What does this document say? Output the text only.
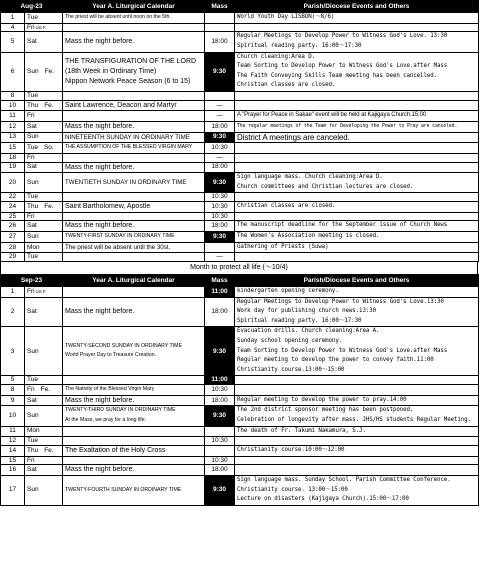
Aug-23		Year A. Liturgical Calendar	Mass	Parish/Diocese Events and Others
1	Tue	The priest will be absent until noon on the 5th.		World Youth Day LISBON(～8/6)

4	Fri1st F.	

5	Sat	Mass the night before.	18:00	Regular Meetings to Develop Power to Witness God's Love. 13:30
Spiritual reading party. 16:00～17:30

6	Sun Fe.	THE TRANSFIGURATION OF THE LORD
(18th Week in Ordinary Time)
Nippon Network Peace Season (6 to 15)	9:30	Church cleaning:Area D.
Team Sorting to Develop Power to Witness God's Love.after Mass
The Faith Conveying Skills Team meeting has been cancelled.
Christian classes are closed.

8	Tue	

10	Thu Fe.	Saint Lawrence, Deacon and Martyr	—	

11	Fri		—	A "Prayer for Peace in Sakae" event will be held at Kajigaya Church.15:00

12	Sat	Mass the night before.	18:00	The regular meetings of the Team for Developing the Power to Pray are canceled.

13	Sun	NINETEENTH SUNDAY IN ORDINARY TIME	9:30	District A meetings are canceled.

15	Tue So.	THE ASSUMPTION OF THE BLESSED VIRGIN MARY	10:30	

18	Fri		—	

19	Sat	Mass the night before.	18:00	

20	Sun	TWENTIETH SUNDAY IN ORDINARY TIME	9:30	Sign language mass. Church cleaning:Area D.
Church committees and Christian lectures are closed.

22	Tue		10:30	

24	Thu Fe.	Saint Bartholomew, Apostle	10:30	Christian classes are closed.

25	Fri		10:30	

26	Sat	Mass the night before.	18:00	The manuscript deadline for the September issue of Church News

27	Sun	TWENTY-FIRST SUNDAY IN ORDINARY TIME	9:30	The Women's Association meeting is closed.

28	Mon	The priest will be absent until the 30st.		Gathering of Priests (Suwa)

29	Tue		—	
Month to protect all life (～10/4)
Sep-23		Year A. Liturgical Calendar	Mass	Parish/Diocese Events and Others
1	Fri1st F.		11:00	kindergarten opening ceremony.

2	Sat	Mass the night before.	18:00	Regular Meetings to Develop Power to Witness God's Love.13:30
Work day for publishing church news.13:30
Spiritual reading party. 16:00～17:30

3	Sun	TWENTY-SECOND SUNDAY IN ORDINARY TIME
World Prayer Day to Treasure Creation.	9:30	Evacuation drills. Church cleaning:Area A.
Sunday school opening ceremony.
Team Sorting to Develop Power to Witness God's Love.after Mass
Regular meeting to develop the power to convey faith.11:00
Christianity course.13:00～15:00

5	Tue		11:00	

8	Fri Fe.	The Nativity of the Blessed Virgin Mary	10:30	

9	Sat	Mass the night before.	18:00	Regular meeting to develop the power to pray.14:00

10	Sun	TWENTY-THIRD SUNDAY IN ORDINARY TIME
At the Mass, we pray for a long life.	9:30	The 2nd district sponsor meeting has been postponed.
Celebration of longevity after mass. JHS/HS students Regular Meeting.

11	Mon			The death of Fr. Takumi Nakamura, S.J.

12	Tue		10:30	

14	Thu Fe.	The Exaltation of the Holy Cross		Christianity course.10:00～12:00

15	Fri		10:30	

16	Sat	Mass the night before.	18:00	

17	Sun	TWENTY-FOURTH SUNDAY IN ORDINARY TIME	9:30	Sign language mass. Sunday School. Parish Committee Conference.
Christianity course. 13:00～15:00
Lecture on disasters (Kajigaya Church).15:00～17:00
